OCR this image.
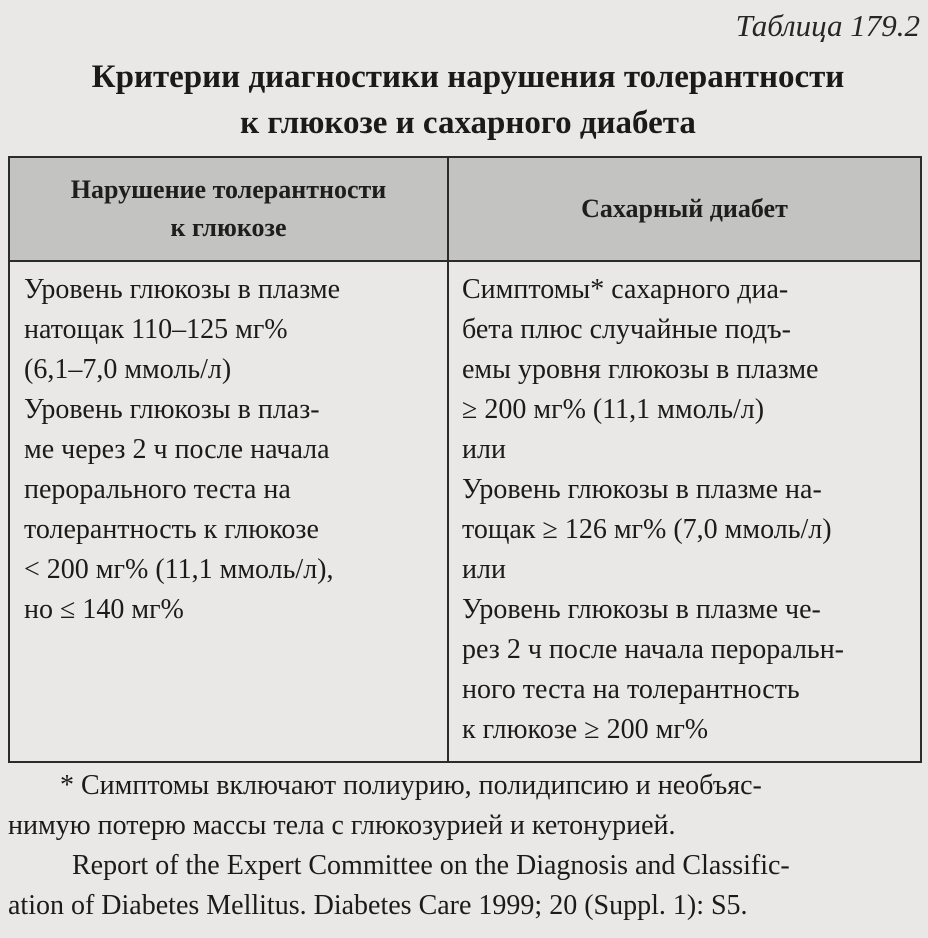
Таблица 179.2
Критерии диагностики нарушения толерантности
к глюкозе и сахарного диабета
Нарушение толерантности
к глюкозе
Сахарный диабет
Уровень глюкозы в плазме
натощак 110–125 мг%
(6,1–7,0 ммоль/л)
Уровень глюкозы в плаз-
ме через 2 ч после начала
перорального теста на
толерантность к глюкозе
< 200 мг% (11,1 ммоль/л),
но ≤ 140 мг%
Симптомы* сахарного диа-
бета плюс случайные подъ-
емы уровня глюкозы в плазме
≥ 200 мг% (11,1 ммоль/л)
или
Уровень глюкозы в плазме на-
тощак ≥ 126 мг% (7,0 ммоль/л)
или
Уровень глюкозы в плазме че-
рез 2 ч после начала пероральн-
ного теста на толерантность
к глюкозе ≥ 200 мг%
* Симптомы включают полиурию, полидипсию и необъяс-
нимую потерю массы тела с глюкозурией и кетонурией.
Report of the Expert Committee on the Diagnosis and Classific-
ation of Diabetes Mellitus. Diabetes Care 1999; 20 (Suppl. 1): S5.
